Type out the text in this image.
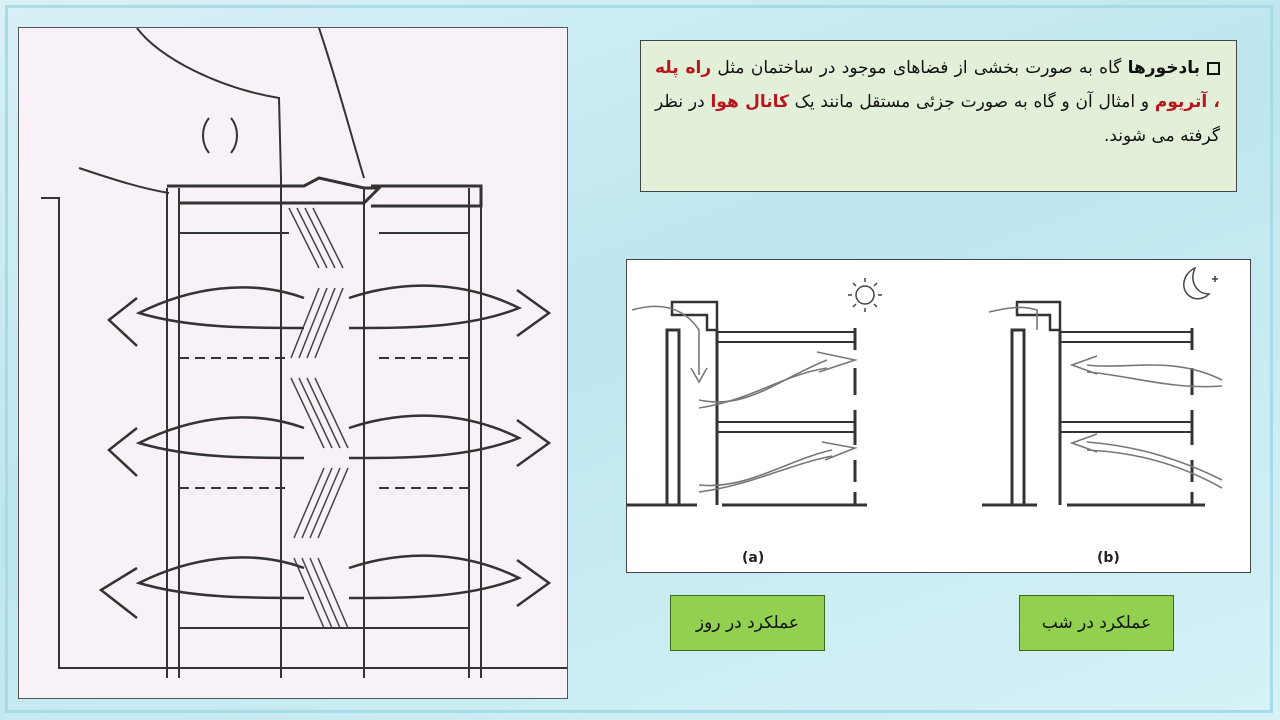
بادخورها گاه به صورت بخشی از فضاهای موجود در ساختمان مثل راه پله ، آتریوم و امثال آن و گاه به صورت جزئی مستقل مانند یک کانال هوا در نظر گرفته می شوند.
(a)	(b)
عملکرد در روز	عملکرد در شب
